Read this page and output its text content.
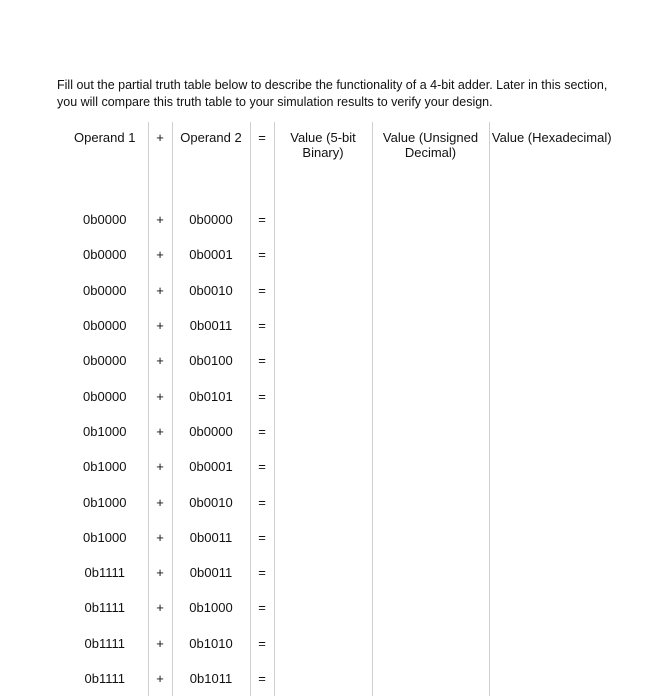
Fill out the partial truth table below to describe the functionality of a 4-bit adder. Later in this section, you will compare this truth table to your simulation results to verify your design.

Operand 1	+	Operand 2	=	Value (5-bit Binary)	Value (Unsigned Decimal)	Value (Hexadecimal)

0b0000	+	0b0000	=			
0b0000	+	0b0001	=			
0b0000	+	0b0010	=			
0b0000	+	0b0011	=			
0b0000	+	0b0100	=			
0b0000	+	0b0101	=			
0b1000	+	0b0000	=			
0b1000	+	0b0001	=			
0b1000	+	0b0010	=			
0b1000	+	0b0011	=			
0b1111	+	0b0011	=			
0b1111	+	0b1000	=			
0b1111	+	0b1010	=			
0b1111	+	0b1011	=			
